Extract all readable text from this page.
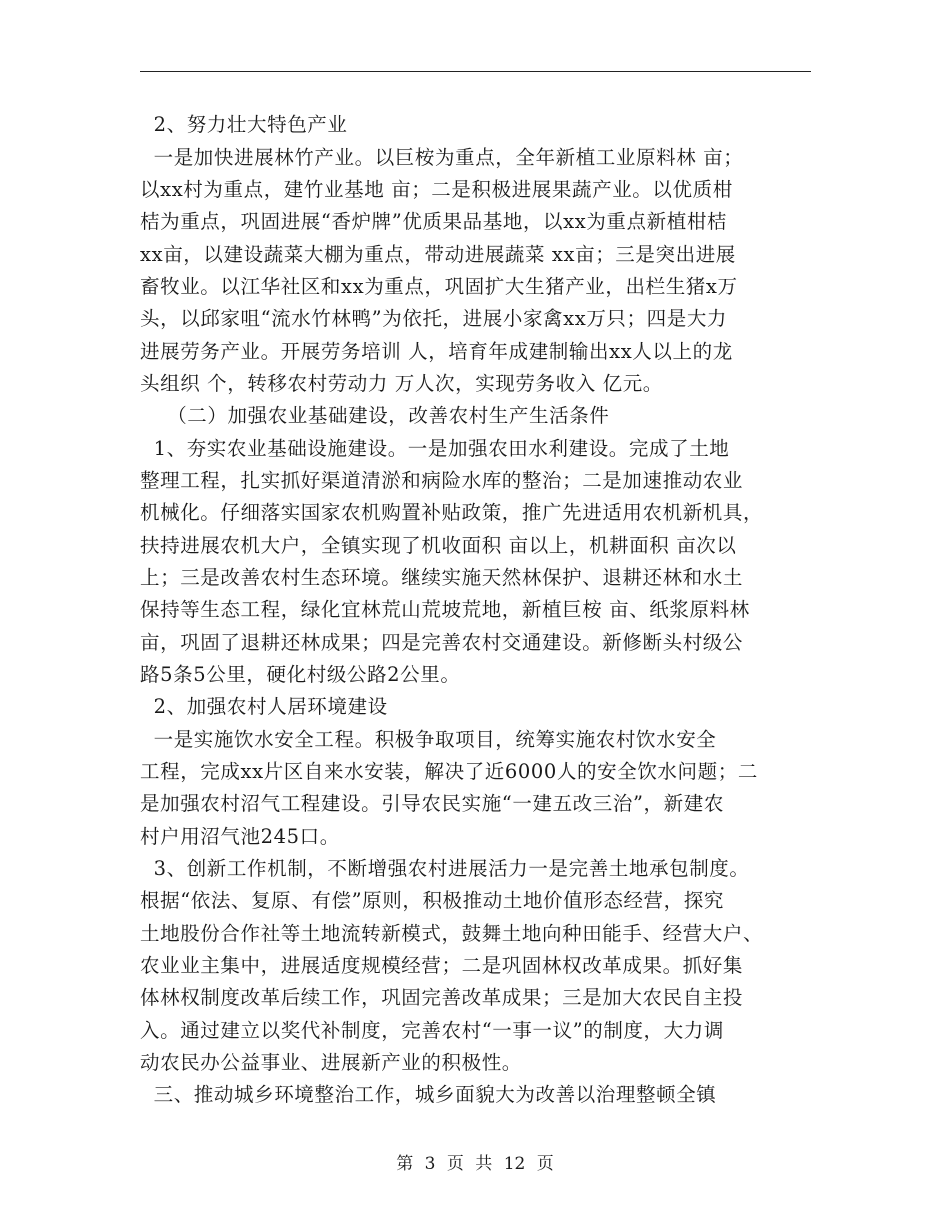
2、努力壮大特色产业
一是加快进展林竹产业。以巨桉为重点，全年新植工业原料林 亩；
以xx村为重点，建竹业基地 亩；二是积极进展果蔬产业。以优质柑
桔为重点，巩固进展“香炉牌”优质果品基地，以xx为重点新植柑桔
xx亩，以建设蔬菜大棚为重点，带动进展蔬菜 xx亩；三是突出进展
畜牧业。以江华社区和xx为重点，巩固扩大生猪产业，出栏生猪x万
头，以邱家咀“流水竹林鸭”为依托，进展小家禽xx万只；四是大力
进展劳务产业。开展劳务培训 人，培育年成建制输出xx人以上的龙
头组织 个，转移农村劳动力 万人次，实现劳务收入 亿元。
（二）加强农业基础建设，改善农村生产生活条件
1、夯实农业基础设施建设。一是加强农田水利建设。完成了土地
整理工程，扎实抓好渠道清淤和病险水库的整治；二是加速推动农业
机械化。仔细落实国家农机购置补贴政策，推广先进适用农机新机具，
扶持进展农机大户，全镇实现了机收面积 亩以上，机耕面积 亩次以
上；三是改善农村生态环境。继续实施天然林保护、退耕还林和水土
保持等生态工程，绿化宜林荒山荒坡荒地，新植巨桉 亩、纸浆原料林
亩，巩固了退耕还林成果；四是完善农村交通建设。新修断头村级公
路5条5公里，硬化村级公路2公里。
2、加强农村人居环境建设
一是实施饮水安全工程。积极争取项目，统筹实施农村饮水安全
工程，完成xx片区自来水安装，解决了近6000人的安全饮水问题；二
是加强农村沼气工程建设。引导农民实施“一建五改三治”，新建农
村户用沼气池245口。
3、创新工作机制，不断增强农村进展活力一是完善土地承包制度。
根据“依法、复原、有偿”原则，积极推动土地价值形态经营，探究
土地股份合作社等土地流转新模式，鼓舞土地向种田能手、经营大户、
农业业主集中，进展适度规模经营；二是巩固林权改革成果。抓好集
体林权制度改革后续工作，巩固完善改革成果；三是加大农民自主投
入。通过建立以奖代补制度，完善农村“一事一议”的制度，大力调
动农民办公益事业、进展新产业的积极性。
三、推动城乡环境整治工作，城乡面貌大为改善以治理整顿全镇
第 3 页 共 12 页
